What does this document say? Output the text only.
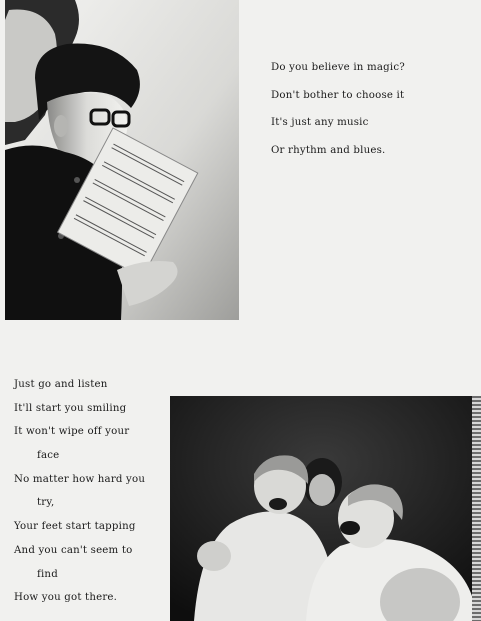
Do you believe in magic?
Don't bother to choose it
It's just any music
Or rhythm and blues.
Just go and listen
It'll start you smiling
It won't wipe off your
face
No matter how hard you
try,
Your feet start tapping
And you can't seem to
find
How you got there.
